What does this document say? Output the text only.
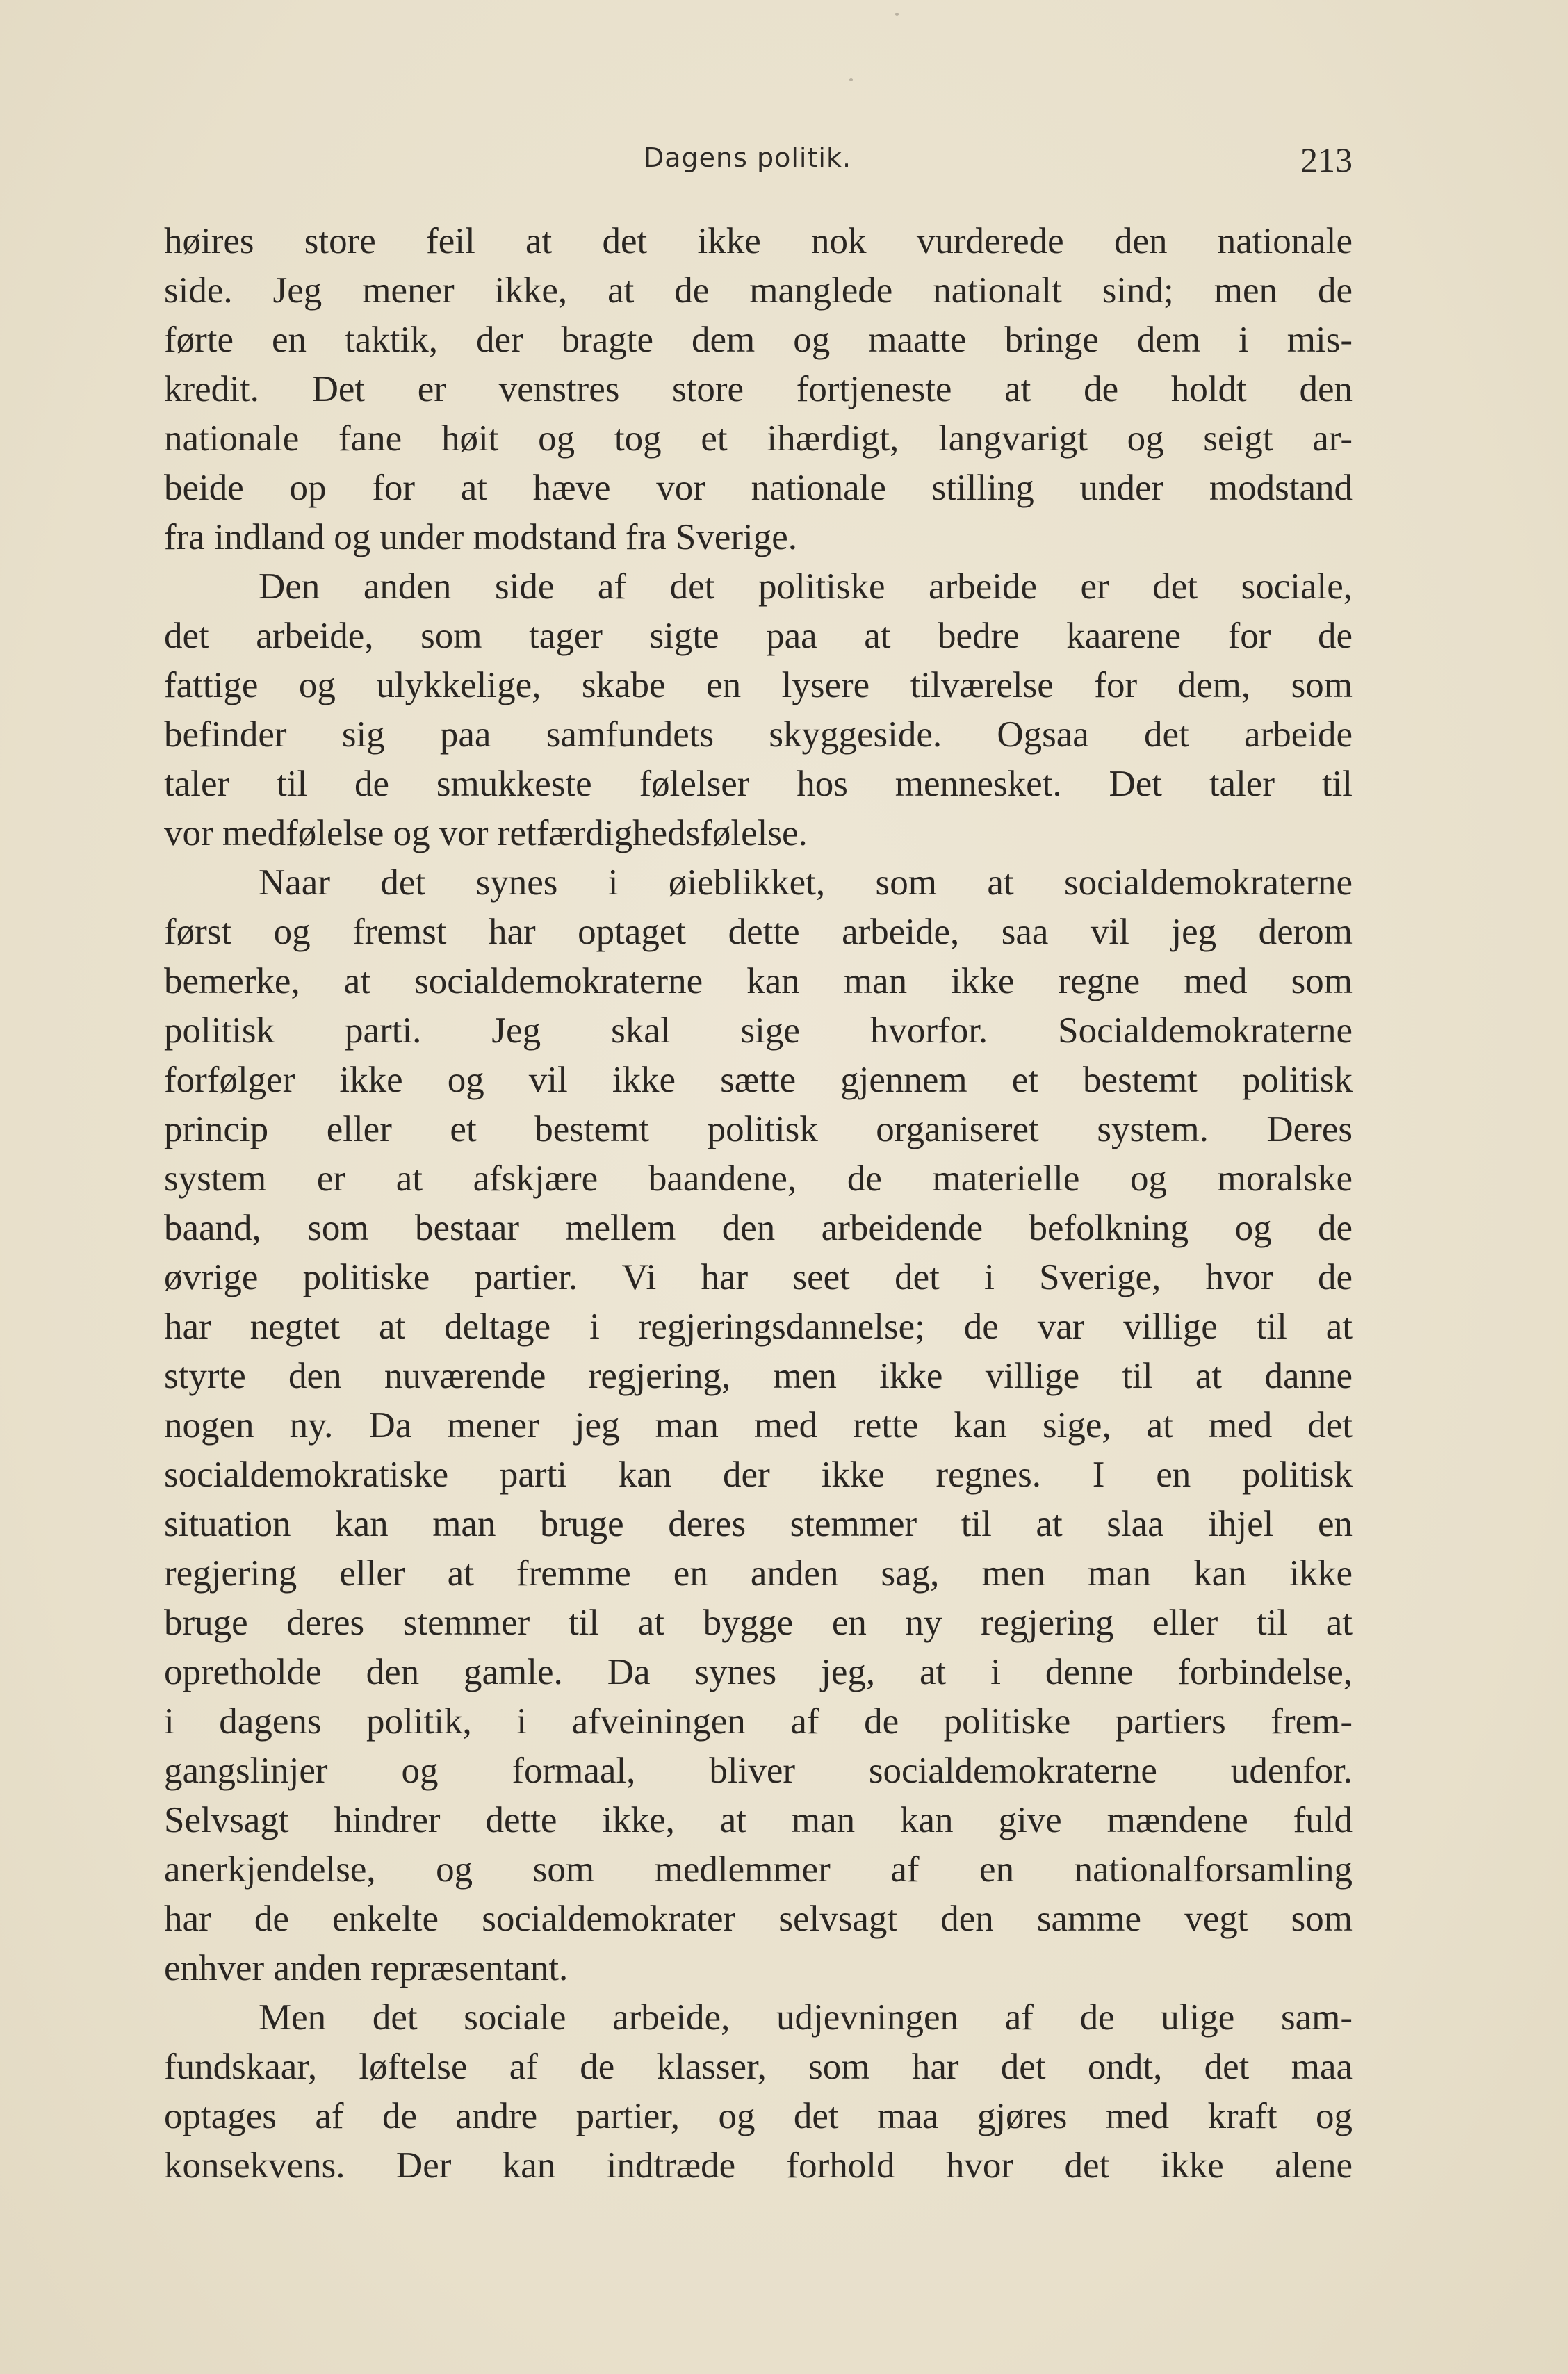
Dagens politik.	213
høires store feil at det ikke nok vurderede den nationale
side. Jeg mener ikke, at de manglede nationalt sind; men de
førte en taktik, der bragte dem og maatte bringe dem i mis-
kredit. Det er venstres store fortjeneste at de holdt den
nationale fane høit og tog et ihærdigt, langvarigt og seigt ar-
beide op for at hæve vor nationale stilling under modstand
fra indland og under modstand fra Sverige.
Den anden side af det politiske arbeide er det sociale,
det arbeide, som tager sigte paa at bedre kaarene for de
fattige og ulykkelige, skabe en lysere tilværelse for dem, som
befinder sig paa samfundets skyggeside. Ogsaa det arbeide
taler til de smukkeste følelser hos mennesket. Det taler til
vor medfølelse og vor retfærdighedsfølelse.
Naar det synes i øieblikket, som at socialdemokraterne
først og fremst har optaget dette arbeide, saa vil jeg derom
bemerke, at socialdemokraterne kan man ikke regne med som
politisk parti. Jeg skal sige hvorfor. Socialdemokraterne
forfølger ikke og vil ikke sætte gjennem et bestemt politisk
princip eller et bestemt politisk organiseret system. Deres
system er at afskjære baandene, de materielle og moralske
baand, som bestaar mellem den arbeidende befolkning og de
øvrige politiske partier. Vi har seet det i Sverige, hvor de
har negtet at deltage i regjeringsdannelse; de var villige til at
styrte den nuværende regjering, men ikke villige til at danne
nogen ny. Da mener jeg man med rette kan sige, at med det
socialdemokratiske parti kan der ikke regnes. I en politisk
situation kan man bruge deres stemmer til at slaa ihjel en
regjering eller at fremme en anden sag, men man kan ikke
bruge deres stemmer til at bygge en ny regjering eller til at
opretholde den gamle. Da synes jeg, at i denne forbindelse,
i dagens politik, i afveiningen af de politiske partiers frem-
gangslinjer og formaal, bliver socialdemokraterne udenfor.
Selvsagt hindrer dette ikke, at man kan give mændene fuld
anerkjendelse, og som medlemmer af en nationalforsamling
har de enkelte socialdemokrater selvsagt den samme vegt som
enhver anden repræsentant.
Men det sociale arbeide, udjevningen af de ulige sam-
fundskaar, løftelse af de klasser, som har det ondt, det maa
optages af de andre partier, og det maa gjøres med kraft og
konsekvens. Der kan indtræde forhold hvor det ikke alene
